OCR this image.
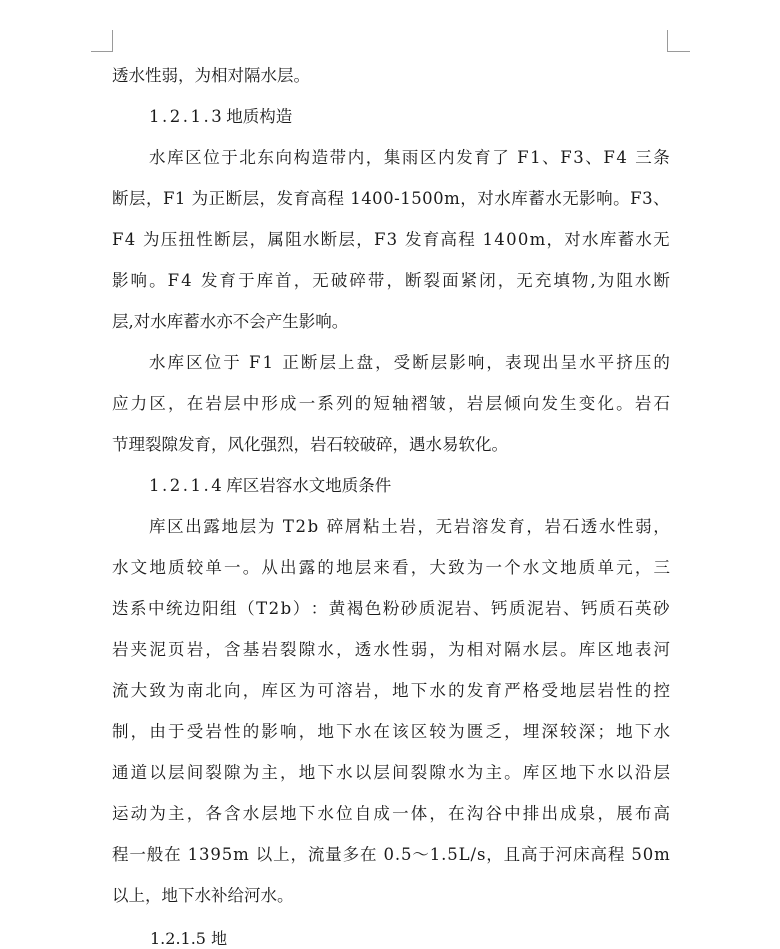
透水性弱，为相对隔水层。
1.2.1.3 地质构造
水 库 区 位 于 北 东 向 构 造 带 内 ， 集 雨 区 内 发 育 了
F 1 、 F 3 、 F 4
三 条
断 层 ， F 1
为 正 断 层 ， 发 育 高 程
1 4 0 0 - 1 5 0 0 m ， 对 水 库 蓄 水 无 影 响 。 F 3 、
F 4
为 压 扭 性 断 层 ， 属 阻 水 断 层 ， F 3
发 育 高 程
1 4 0 0 m ， 对 水 库 蓄 水 无
影 响 。 F 4
发 育 于 库 首 ， 无 破 碎 带 ， 断 裂 面 紧 闭 ， 无 充 填 物 , 为 阻 水 断
层,对水库蓄水亦不会产生影响。
水 库 区 位 于
F 1
正 断 层 上 盘 ， 受 断 层 影 响 ， 表 现 出 呈 水 平 挤 压 的
应 力 区 ， 在 岩 层 中 形 成 一 系 列 的 短 轴 褶 皱 ， 岩 层 倾 向 发 生 变 化 。 岩 石
节理裂隙发育，风化强烈，岩石较破碎，遇水易软化。
1.2.1.4 库区岩容水文地质条件
库 区 出 露 地 层 为
T 2 b
碎 屑 粘 土 岩 ， 无 岩 溶 发 育 ， 岩 石 透 水 性 弱 ，
水 文 地 质 较 单 一 。 从 出 露 的 地 层 来 看 ， 大 致 为 一 个 水 文 地 质 单 元 ， 三
迭 系 中 统 边 阳 组 （ T 2 b ） ： 黄 褐 色 粉 砂 质 泥 岩 、 钙 质 泥 岩 、 钙 质 石 英 砂
岩 夹 泥 页 岩 ， 含 基 岩 裂 隙 水 ， 透 水 性 弱 ， 为 相 对 隔 水 层 。 库 区 地 表 河
流 大 致 为 南 北 向 ， 库 区 为 可 溶 岩 ， 地 下 水 的 发 育 严 格 受 地 层 岩 性 的 控
制 ， 由 于 受 岩 性 的 影 响 ， 地 下 水 在 该 区 较 为 匮 乏 ， 埋 深 较 深 ； 地 下 水
通 道 以 层 间 裂 隙 为 主 ， 地 下 水 以 层 间 裂 隙 水 为 主 。 库 区 地 下 水 以 沿 层
运 动 为 主 ， 各 含 水 层 地 下 水 位 自 成 一 体 ， 在 沟 谷 中 排 出 成 泉 ， 展 布 高
程 一 般 在
1 3 9 5 m
以 上 ， 流 量 多 在
0 . 5 ～ 1 . 5 L / s ， 且 高 于 河 床 高 程
5 0 m
以上，地下水补给河水。
1.2.1.5 地
